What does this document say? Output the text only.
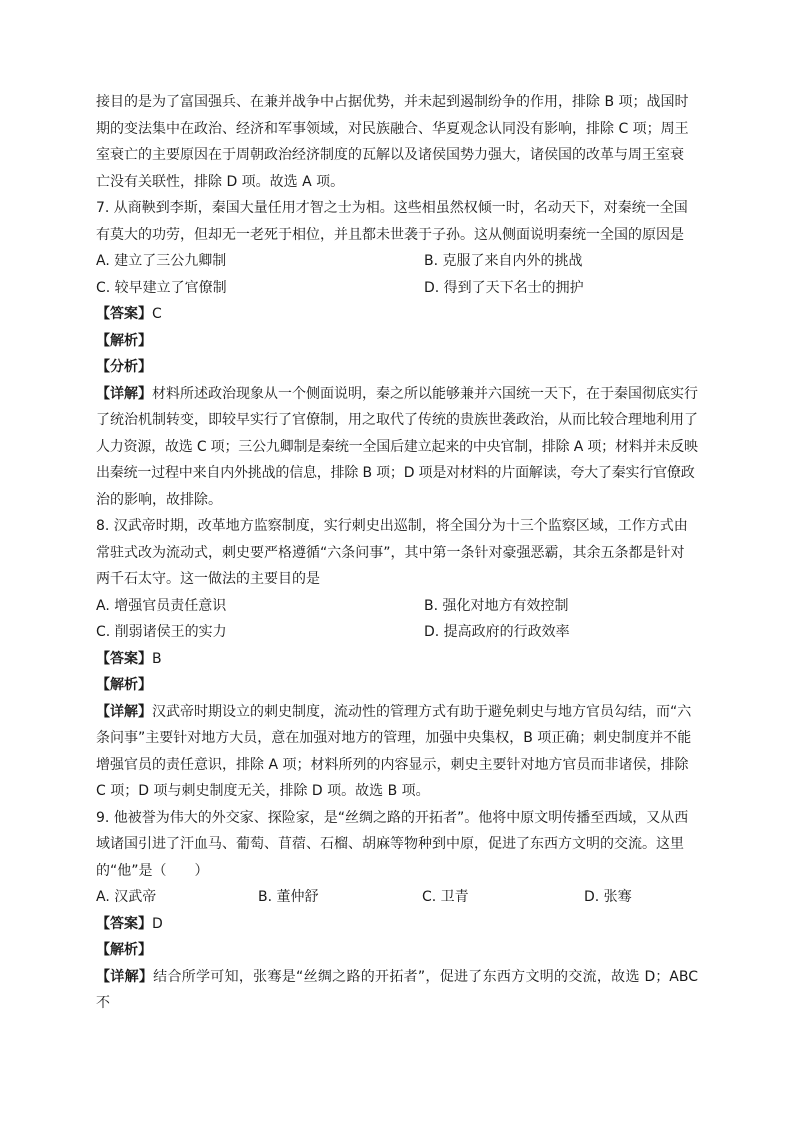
接目的是为了富国强兵、在兼并战争中占据优势，并未起到遏制纷争的作用，排除 B 项；战国时

期的变法集中在政治、经济和军事领域，对民族融合、华夏观念认同没有影响，排除 C 项；周王

室衰亡的主要原因在于周朝政治经济制度的瓦解以及诸侯国势力强大，诸侯国的改革与周王室衰

亡没有关联性，排除 D 项。故选 A 项。

7. 从商鞅到李斯，秦国大量任用才智之士为相。这些相虽然权倾一时，名动天下，对秦统一全国

有莫大的功劳，但却无一老死于相位，并且都未世袭于子孙。这从侧面说明秦统一全国的原因是

A. 建立了三公九卿制	B. 克服了来自内外的挑战
C. 较早建立了官僚制	D. 得到了天下名士的拥护

【答案】C

【解析】

【分析】

【详解】材料所述政治现象从一个侧面说明，秦之所以能够兼并六国统一天下，在于秦国彻底实行

了统治机制转变，即较早实行了官僚制，用之取代了传统的贵族世袭政治，从而比较合理地利用了

人力资源，故选 C 项；三公九卿制是秦统一全国后建立起来的中央官制，排除 A 项；材料并未反映

出秦统一过程中来自内外挑战的信息，排除 B 项；D 项是对材料的片面解读，夸大了秦实行官僚政

治的影响，故排除。

8. 汉武帝时期，改革地方监察制度，实行刺史出巡制，将全国分为十三个监察区域，工作方式由

常驻式改为流动式，刺史要严格遵循“六条问事”，其中第一条针对豪强恶霸，其余五条都是针对

两千石太守。这一做法的主要目的是

A. 增强官员责任意识	B. 强化对地方有效控制
C. 削弱诸侯王的实力	D. 提高政府的行政效率

【答案】B

【解析】

【详解】汉武帝时期设立的刺史制度，流动性的管理方式有助于避免刺史与地方官员勾结，而“六

条问事”主要针对地方大员，意在加强对地方的管理，加强中央集权，B 项正确；刺史制度并不能

增强官员的责任意识，排除 A 项；材料所列的内容显示，刺史主要针对地方官员而非诸侯，排除

C 项；D 项与刺史制度无关，排除 D 项。故选 B 项。

9. 他被誉为伟大的外交家、探险家，是“丝绸之路的开拓者”。他将中原文明传播至西域，又从西

域诸国引进了汗血马、葡萄、苜蓿、石榴、胡麻等物种到中原，促进了东西方文明的交流。这里

的“他”是（　　）

A. 汉武帝	B. 董仲舒	C. 卫青	D. 张骞

【答案】D

【解析】

【详解】结合所学可知，张骞是“丝绸之路的开拓者”，促进了东西方文明的交流，故选 D；ABC 不
